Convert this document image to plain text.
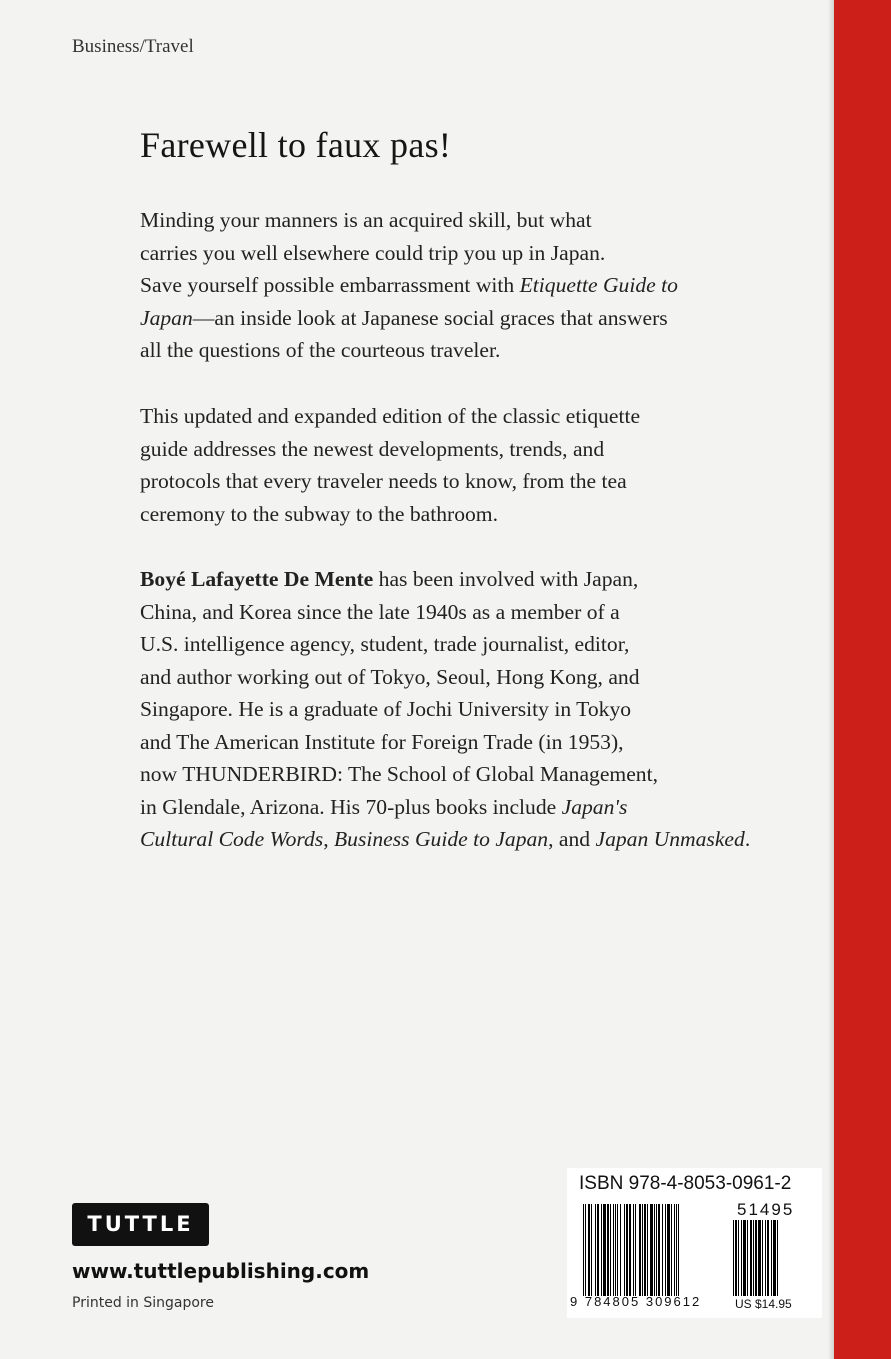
Business/Travel
Farewell to faux pas!
Minding your manners is an acquired skill, but what
carries you well elsewhere could trip you up in Japan.
Save yourself possible embarrassment with Etiquette Guide to
Japan—an inside look at Japanese social graces that answers
all the questions of the courteous traveler.
This updated and expanded edition of the classic etiquette
guide addresses the newest developments, trends, and
protocols that every traveler needs to know, from the tea
ceremony to the subway to the bathroom.
Boyé Lafayette De Mente has been involved with Japan,
China, and Korea since the late 1940s as a member of a
U.S. intelligence agency, student, trade journalist, editor,
and author working out of Tokyo, Seoul, Hong Kong, and
Singapore. He is a graduate of Jochi University in Tokyo
and The American Institute for Foreign Trade (in 1953),
now THUNDERBIRD: The School of Global Management,
in Glendale, Arizona. His 70-plus books include Japan's
Cultural Code Words, Business Guide to Japan, and Japan Unmasked.
TUTTLE
www.tuttlepublishing.com
Printed in Singapore
ISBN 978-4-8053-0961-2
51495
9 784805 309612	US $14.95
